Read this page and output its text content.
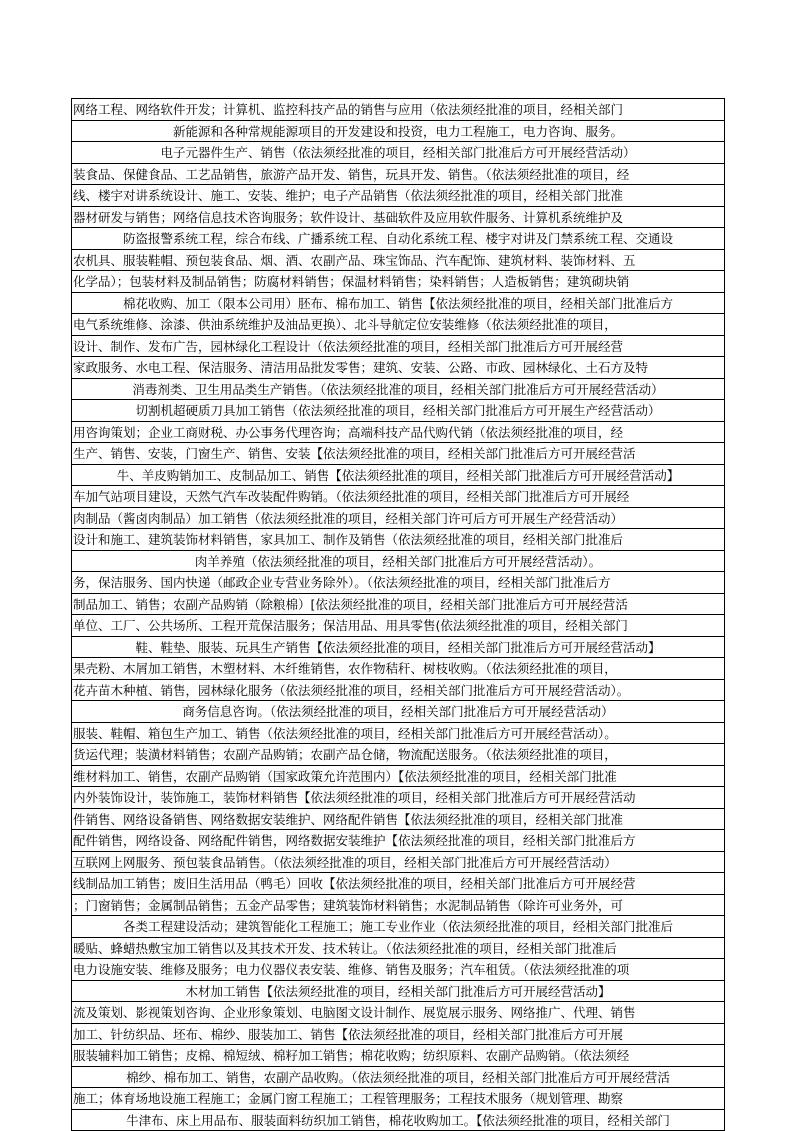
网络工程、网络软件开发；计算机、监控科技产品的销售与应用（依法须经批准的项目，经相关部门
新能源和各种常规能源项目的开发建设和投资，电力工程施工，电力咨询、服务。
电子元器件生产、销售（依法须经批准的项目，经相关部门批准后方可开展经营活动）
装食品、保健食品、工艺品销售，旅游产品开发、销售，玩具开发、销售。（依法须经批准的项目，经
线、楼宇对讲系统设计、施工、安装、维护；电子产品销售（依法须经批准的项目，经相关部门批准
器材研发与销售；网络信息技术咨询服务；软件设计、基础软件及应用软件服务、计算机系统维护及
防盗报警系统工程，综合布线、广播系统工程、自动化系统工程、楼宇对讲及门禁系统工程、交通设
农机具、服装鞋帽、预包装食品、烟、酒、农副产品、珠宝饰品、汽车配饰、建筑材料、装饰材料、五
化学品）；包装材料及制品销售；防腐材料销售；保温材料销售；染料销售；人造板销售；建筑砌块销
棉花收购、加工（限本公司用）胚布、棉布加工、销售【依法须经批准的项目，经相关部门批准后方
电气系统维修、涂漆、供油系统维护及油品更换）、北斗导航定位安装维修（依法须经批准的项目，
设计、制作、发布广告，园林绿化工程设计（依法须经批准的项目，经相关部门批准后方可开展经营
家政服务、水电工程、保洁服务、清洁用品批发零售；建筑、安装、公路、市政、园林绿化、土石方及特
消毒剂类、卫生用品类生产销售。（依法须经批准的项目，经相关部门批准后方可开展经营活动）
切割机超硬质刀具加工销售（依法须经批准的项目，经相关部门批准后方可开展生产经营活动）
用咨询策划；企业工商财税、办公事务代理咨询；高端科技产品代购代销（依法须经批准的项目，经
生产、销售、安装，门窗生产、销售、安装【依法须经批准的项目，经相关部门批准后方可开展经营活
牛、羊皮购销加工、皮制品加工、销售【依法须经批准的项目，经相关部门批准后方可开展经营活动】
车加气站项目建设，天然气汽车改装配件购销。（依法须经批准的项目，经相关部门批准后方可开展经
肉制品（酱卤肉制品）加工销售（依法须经批准的项目，经相关部门许可后方可开展生产经营活动）
设计和施工、建筑装饰材料销售，家具加工、制作及销售（依法须经批准的项目，经相关部门批准后
肉羊养殖（依法须经批准的项目，经相关部门批准后方可开展经营活动）。
务，保洁服务、国内快递（邮政企业专营业务除外）。（依法须经批准的项目，经相关部门批准后方
制品加工、销售；农副产品购销（除粮棉）[依法须经批准的项目，经相关部门批准后方可开展经营活
单位、工厂、公共场所、工程开荒保洁服务；保洁用品、用具零售(依法须经批准的项目，经相关部门
鞋、鞋垫、服装、玩具生产销售【依法须经批准的项目，经相关部门批准后方可开展经营活动】
果壳粉、木屑加工销售，木塑材料、木纤维销售，农作物秸秆、树枝收购。（依法须经批准的项目，
花卉苗木种植、销售，园林绿化服务（依法须经批准的项目，经相关部门批准后方可开展经营活动）。
商务信息咨询。（依法须经批准的项目，经相关部门批准后方可开展经营活动）
服装、鞋帽、箱包生产加工、销售（依法须经批准的项目，经相关部门批准后方可开展经营活动）。
货运代理；装潢材料销售；农副产品购销；农副产品仓储，物流配送服务。（依法须经批准的项目，
维材料加工、销售，农副产品购销（国家政策允许范围内）【依法须经批准的项目，经相关部门批准
内外装饰设计，装饰施工，装饰材料销售【依法须经批准的项目，经相关部门批准后方可开展经营活动
件销售、网络设备销售、网络数据安装维护、网络配件销售【依法须经批准的项目，经相关部门批准
配件销售，网络设备、网络配件销售，网络数据安装维护【依法须经批准的项目，经相关部门批准后方
互联网上网服务、预包装食品销售。（依法须经批准的项目，经相关部门批准后方可开展经营活动）
线制品加工销售；废旧生活用品（鸭毛）回收【依法须经批准的项目，经相关部门批准后方可开展经营
；门窗销售；金属制品销售；五金产品零售；建筑装饰材料销售；水泥制品销售（除许可业务外，可
各类工程建设活动；建筑智能化工程施工；施工专业作业（依法须经批准的项目，经相关部门批准后
暖贴、蜂蜡热敷宝加工销售以及其技术开发、技术转让。（依法须经批准的项目，经相关部门批准后
电力设施安装、维修及服务；电力仪器仪表安装、维修、销售及服务；汽车租赁。（依法须经批准的项
木材加工销售【依法须经批准的项目，经相关部门批准后方可开展经营活动】
流及策划、影视策划咨询、企业形象策划、电脑图文设计制作、展览展示服务、网络推广、代理、销售
加工、针纺织品、坯布、棉纱、服装加工、销售【依法须经批准的项目，经相关部门批准后方可开展
服装辅料加工销售；皮棉、棉短绒、棉籽加工销售；棉花收购；纺织原料、农副产品购销。（依法须经
棉纱、棉布加工、销售，农副产品收购。（依法须经批准的项目，经相关部门批准后方可开展经营活
施工；体育场地设施工程施工；金属门窗工程施工；工程管理服务；工程技术服务（规划管理、勘察
牛津布、床上用品布、服装面料纺织加工销售，棉花收购加工。【依法须经批准的项目，经相关部门
